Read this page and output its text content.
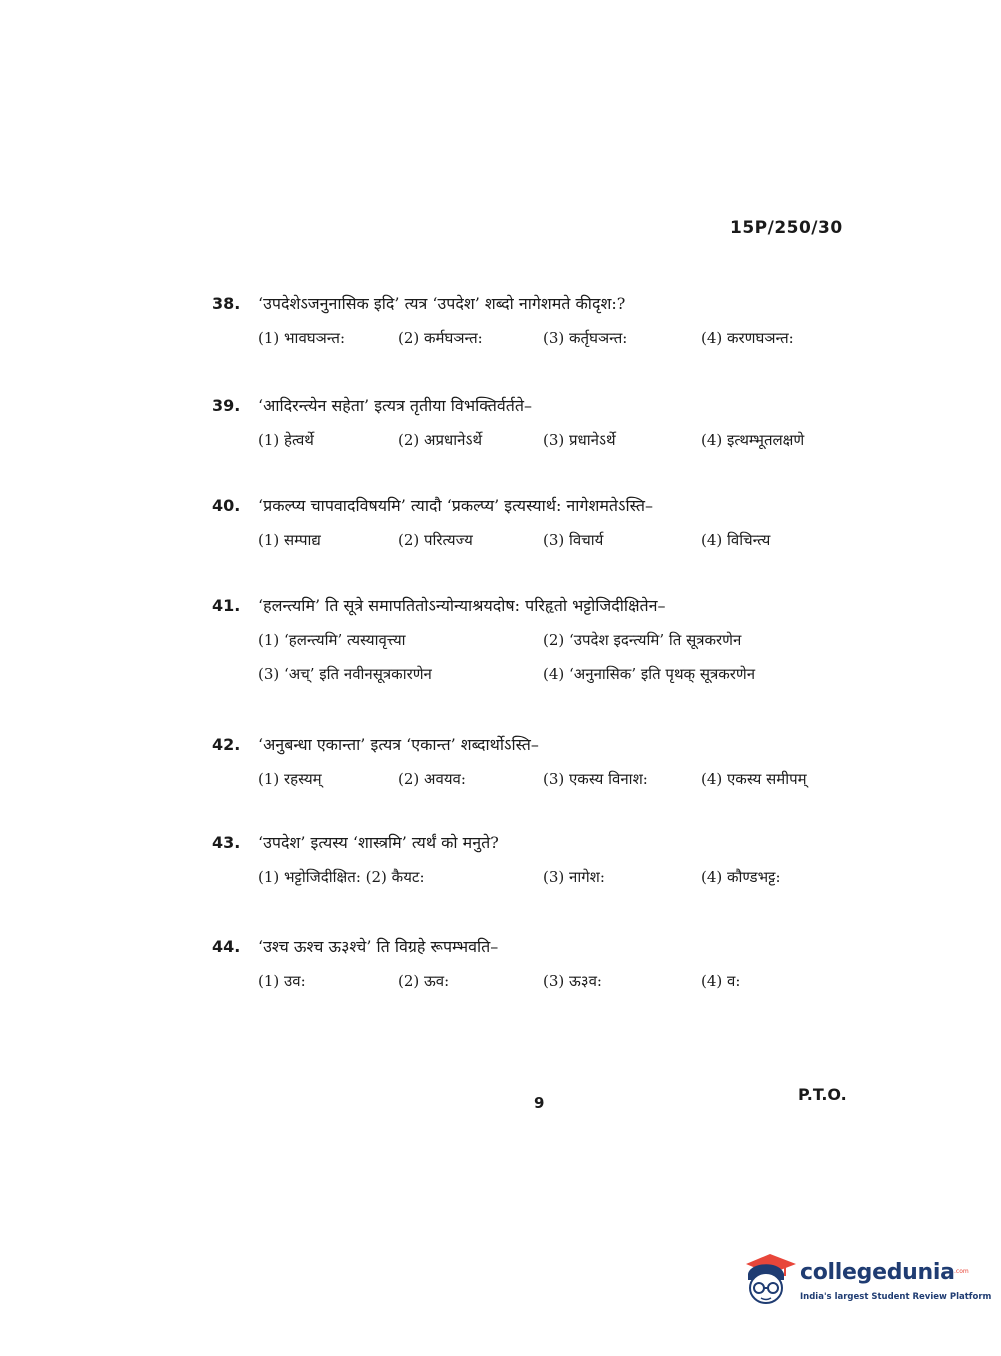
15P/250/30
38.	‘उपदेशेऽजनुनासिक इदि’ त्यत्र ‘उपदेश’ शब्दो नागेशमते कीदृश:?
(1) भावघञन्त:	(2) कर्मघञन्त:	(3) कर्तृघञन्त:	(4) करणघञन्त:
39.	‘आदिरन्त्येन सहेता’ इत्यत्र तृतीया विभक्तिर्वर्तते–
(1) हेत्वर्थे	(2) अप्रधानेऽर्थे	(3) प्रधानेऽर्थे	(4) इत्थम्भूतलक्षणे
40.	‘प्रकल्प्य चापवादविषयमि’ त्यादौ ‘प्रकल्प्य’ इत्यस्यार्थ: नागेशमतेऽस्ति–
(1) सम्पाद्य	(2) परित्यज्य	(3) विचार्य	(4) विचिन्त्य
41.	‘हलन्त्यमि’ ति सूत्रे समापतितोऽन्योन्याश्रयदोष: परिहृतो भट्टोजिदीक्षितेन–
(1) ‘हलन्त्यमि’ त्यस्यावृत्त्या	(2) ‘उपदेश इदन्त्यमि’ ति सूत्रकरणेन
(3) ‘अच्’ इति नवीनसूत्रकारणेन	(4) ‘अनुनासिक’ इति पृथक् सूत्रकरणेन
42.	‘अनुबन्धा एकान्ता’ इत्यत्र ‘एकान्त’ शब्दार्थोऽस्ति–
(1) रहस्यम्	(2) अवयव:	(3) एकस्य विनाश:	(4) एकस्य समीपम्
43.	‘उपदेश’ इत्यस्य ‘शास्त्रमि’ त्यर्थं को मनुते?
(1) भट्टोजिदीक्षित: (2) कैयट:	(3) नागेश:	(4) कौण्डभट्ट:
44.	‘उश्च ऊश्च ऊ३श्चे’ ति विग्रहे रूपम्भवति–
(1) उव:	(2) ऊव:	(3) ऊ३व:	(4) व:
9	P.T.O.
collegedunia .com
India's largest Student Review Platform
